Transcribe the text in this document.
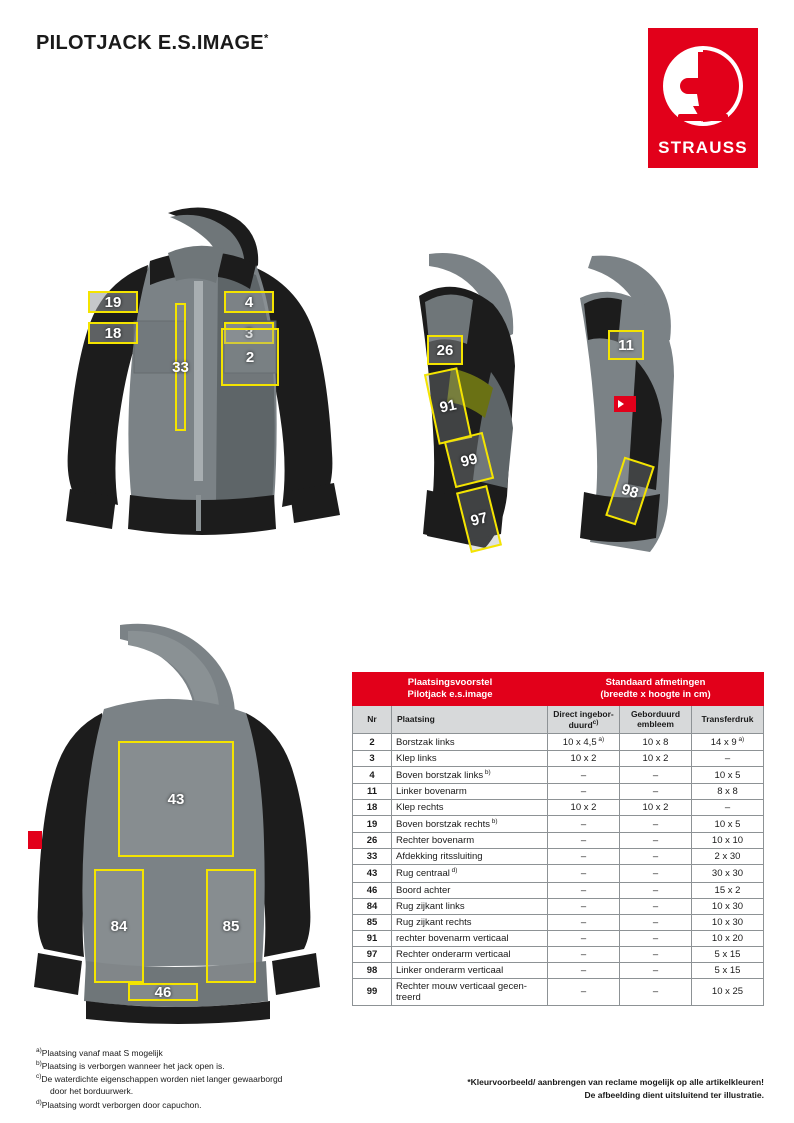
PILOTJACK E.S.IMAGE*
STRAUSS
19	4
18	3
33
2	26
91
99
97
11
98
43
84	85
46
Plaatsingsvoorstel
Pilotjack e.s.image		Standaard afmetingen
(breedte x hoogte in cm)		
Nr	Plaatsing	Direct ingebor-
duurd$^{c)}$	Geborduurd
embleem	Transferdruk
2	Borstzak links	10 x 4,5 $^{a)}$	10 x 8	14 x 9 $^{a)}$
3	Klep links	10 x 2	10 x 2	–
4	Boven borstzak links $^{b)}$	–	–	10 x 5
11	Linker bovenarm	–	–	8 x 8
18	Klep rechts	10 x 2	10 x 2	–
19	Boven borstzak rechts $^{b)}$	–	–	10 x 5
26	Rechter bovenarm	–	–	10 x 10
33	Afdekking ritssluiting	–	–	2 x 30
43	Rug centraal $^{d)}$	–	–	30 x 30
46	Boord achter	–	–	15 x 2
84	Rug zijkant links	–	–	10 x 30
85	Rug zijkant rechts	–	–	10 x 30
91	rechter bovenarm verticaal	–	–	10 x 20
97	Rechter onderarm verticaal	–	–	5 x 15
98	Linker onderarm verticaal	–	–	5 x 15
99	Rechter mouw verticaal gecen-
treerd	–	–	10 x 25
$^{a)}$Plaatsing vanaf maat S mogelijk
$^{b)}$Plaatsing is verborgen wanneer het jack open is.
$^{c)}$De waterdichte eigenschappen worden niet langer gewaarborgd
door het borduurwerk.
$^{d)}$Plaatsing wordt verborgen door capuchon.
*Kleurvoorbeeld/ aanbrengen van reclame mogelijk op alle artikelkleuren!
De afbeelding dient uitsluitend ter illustratie.
